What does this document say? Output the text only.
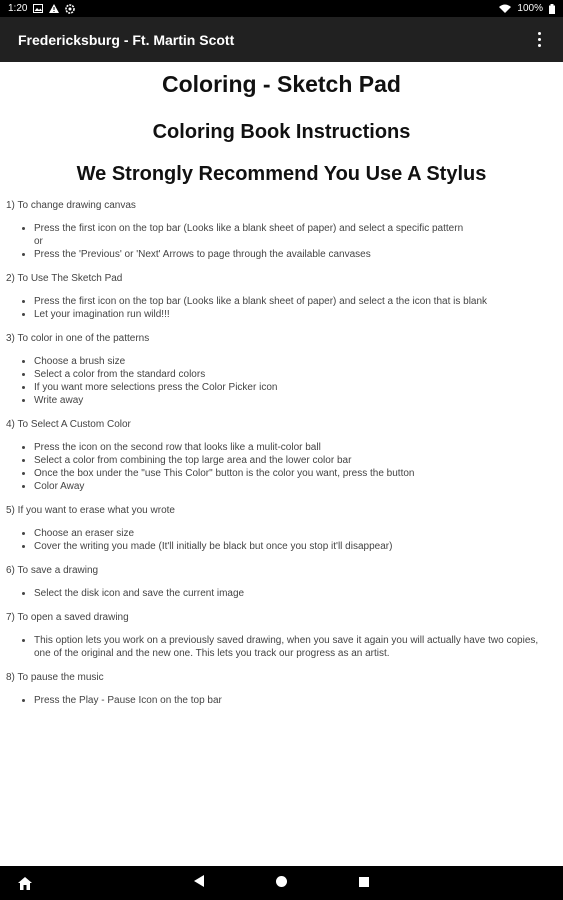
1:20	100%
Fredericksburg - Ft. Martin Scott
Coloring - Sketch Pad
Coloring Book Instructions
We Strongly Recommend You Use A Stylus

1) To change drawing canvas

• Press the first icon on the top bar (Looks like a blank sheet of paper) and select a specific pattern
or
• Press the 'Previous' or 'Next' Arrows to page through the available canvases

2) To Use The Sketch Pad

• Press the first icon on the top bar (Looks like a blank sheet of paper) and select a the icon that is blank
• Let your imagination run wild!!!

3) To color in one of the patterns

• Choose a brush size
• Select a color from the standard colors
• If you want more selections press the Color Picker icon
• Write away

4) To Select A Custom Color

• Press the icon on the second row that looks like a mulit-color ball
• Select a color from combining the top large area and the lower color bar
• Once the box under the "use This Color" button is the color you want, press the button
• Color Away

5) If you want to erase what you wrote

• Choose an eraser size
• Cover the writing you made (It'll initially be black but once you stop it'll disappear)

6) To save a drawing

• Select the disk icon and save the current image

7) To open a saved drawing

• This option lets you work on a previously saved drawing, when you save it again you will actually have two copies, one of the original and the new one. This lets you track our progress as an artist.

8) To pause the music

• Press the Play - Pause Icon on the top bar
